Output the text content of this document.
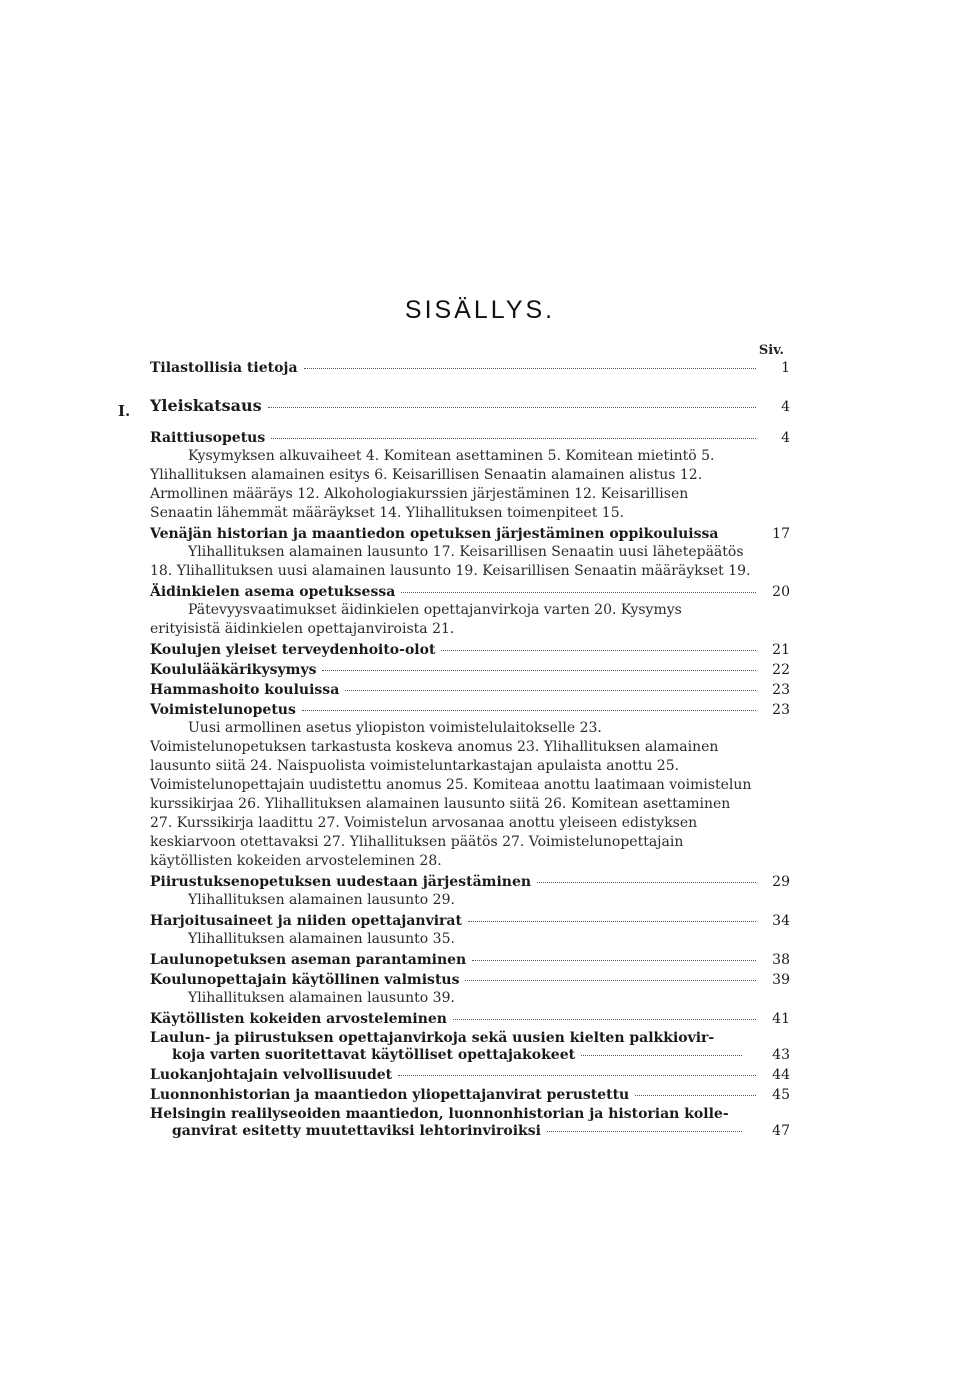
SISÄLLYS.
Siv.
I.
Tilastollisia tietoja	1
Yleiskatsaus	4
Raittiusopetus	4
Kysymyksen alkuvaiheet 4. Komitean asettaminen 5. Komitean mietintö 5. Ylihallituksen alamainen esitys 6. Keisarillisen Senaatin alamainen alistus 12. Armollinen määräys 12. Alkohologiakurssien järjestäminen 12. Keisarillisen Senaatin lähemmät määräykset 14. Ylihallituksen toimenpiteet 15.
Venäjän historian ja maantiedon opetuksen järjestäminen oppikouluissa	17
Ylihallituksen alamainen lausunto 17. Keisarillisen Senaatin uusi lähetepäätös 18. Ylihallituksen uusi alamainen lausunto 19. Keisarillisen Senaatin määräykset 19.
Äidinkielen asema opetuksessa	20
Pätevyysvaatimukset äidinkielen opettajanvirkoja varten 20. Kysymys erityisistä äidinkielen opettajanviroista 21.
Koulujen yleiset terveydenhoito-olot	21
Koululääkärikysymys	22
Hammashoito kouluissa	23
Voimistelunopetus	23
Uusi armollinen asetus yliopiston voimistelulaitokselle 23. Voimistelunopetuksen tarkastusta koskeva anomus 23. Ylihallituksen alamainen lausunto siitä 24. Naispuolista voimisteluntarkastajan apulaista anottu 25. Voimistelunopettajain uudistettu anomus 25. Komiteaa anottu laatimaan voimistelun kurssikirjaa 26. Ylihallituksen alamainen lausunto siitä 26. Komitean asettaminen 27. Kurssikirja laadittu 27. Voimistelun arvosanaa anottu yleiseen edistyksen keskiarvoon otettavaksi 27. Ylihallituksen päätös 27. Voimistelunopettajain käytöllisten kokeiden arvosteleminen 28.
Piirustuksenopetuksen uudestaan järjestäminen	29
Ylihallituksen alamainen lausunto 29.
Harjoitusaineet ja niiden opettajanvirat	34
Ylihallituksen alamainen lausunto 35.
Laulunopetuksen aseman parantaminen	38
Koulunopettajain käytöllinen valmistus	39
Ylihallituksen alamainen lausunto 39.
Käytöllisten kokeiden arvosteleminen	41
Laulun- ja piirustuksen opettajanvirkoja sekä uusien kielten palkkiovir-
koja varten suoritettavat käytölliset opettajakokeet	43
Luokanjohtajain velvollisuudet	44
Luonnonhistorian ja maantiedon yliopettajanvirat perustettu	45
Helsingin realilyseoiden maantiedon, luonnonhistorian ja historian kolle-
ganvirat esitetty muutettaviksi lehtorinviroiksi	47
